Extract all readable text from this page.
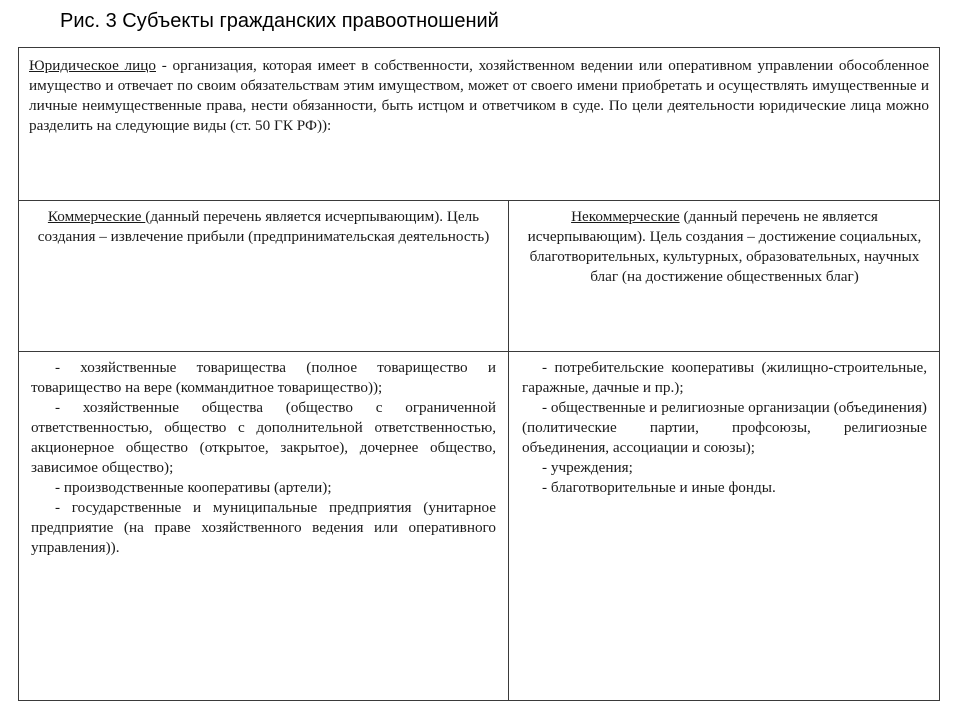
Рис. 3 Субъекты гражданских правоотношений
Юридическое лицо - организация, которая имеет в собственности, хозяйственном ведении или оперативном управлении обособленное имущество и отвечает по своим обязательствам этим имуществом, может от своего имени приобретать и осуществлять имущественные и личные неимущественные права, нести обязанности, быть истцом и ответчиком в суде. По цели деятельности юридические лица можно разделить на следующие виды (ст. 50 ГК РФ)):
Коммерческие (данный перечень является исчерпывающим). Цель создания – извлечение прибыли (предпринимательская деятельность)
Некоммерческие (данный перечень не является исчерпывающим). Цель создания – достижение социальных, благотворительных, культурных, образовательных, научных благ (на достижение общественных благ)

- хозяйственные товарищества (полное товарищество и товарищество на вере (коммандитное товарищество));

- хозяйственные общества (общество с ограниченной ответственностью, общество с дополнительной ответственностью, акционерное общество (открытое, закрытое), дочернее общество, зависимое общество);

- производственные кооперативы (артели);

- государственные и муниципальные предприятия (унитарное предприятие (на праве хозяйственного ведения или оперативного управления)).

- потребительские кооперативы (жилищно-строительные, гаражные, дачные и пр.);

- общественные и религиозные организации (объединения) (политические партии, профсоюзы, религиозные объединения, ассоциации и союзы);

- учреждения;

- благотворительные и иные фонды.
